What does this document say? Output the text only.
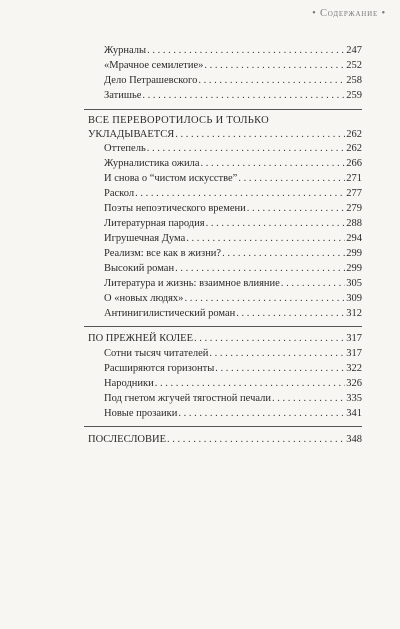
• Содержание •
Журналы . . .	247
«Мрачное семилетие» . . .	252
Дело Петрашевского . . .	258
Затишье . . .	259
ВСЕ ПЕРЕВОРОТИЛОСЬ И ТОЛЬКО
УКЛАДЫВАЕТСЯ . . .	262
Оттепель . . .	262
Журналистика ожила . . .	266
И снова о “чистом искусстве” . . .	271
Раскол . . .	277
Поэты непоэтического времени . . .	279
Литературная пародия . . .	288
Игрушечная Дума . . .	294
Реализм: все как в жизни? . . .	299
Высокий роман . . .	299
Литература и жизнь: взаимное влияние . . .	305
О «новых людях» . . .	309
Антинигилистический роман . . .	312
ПО ПРЕЖНЕЙ КОЛЕЕ . . .	317
Сотни тысяч читателей . . .	317
Расширяются горизонты . . .	322
Народники . . .	326
Под гнетом жгучей тягостной печали . . .	335
Новые прозаики . . .	341
ПОСЛЕСЛОВИЕ . . .	348
